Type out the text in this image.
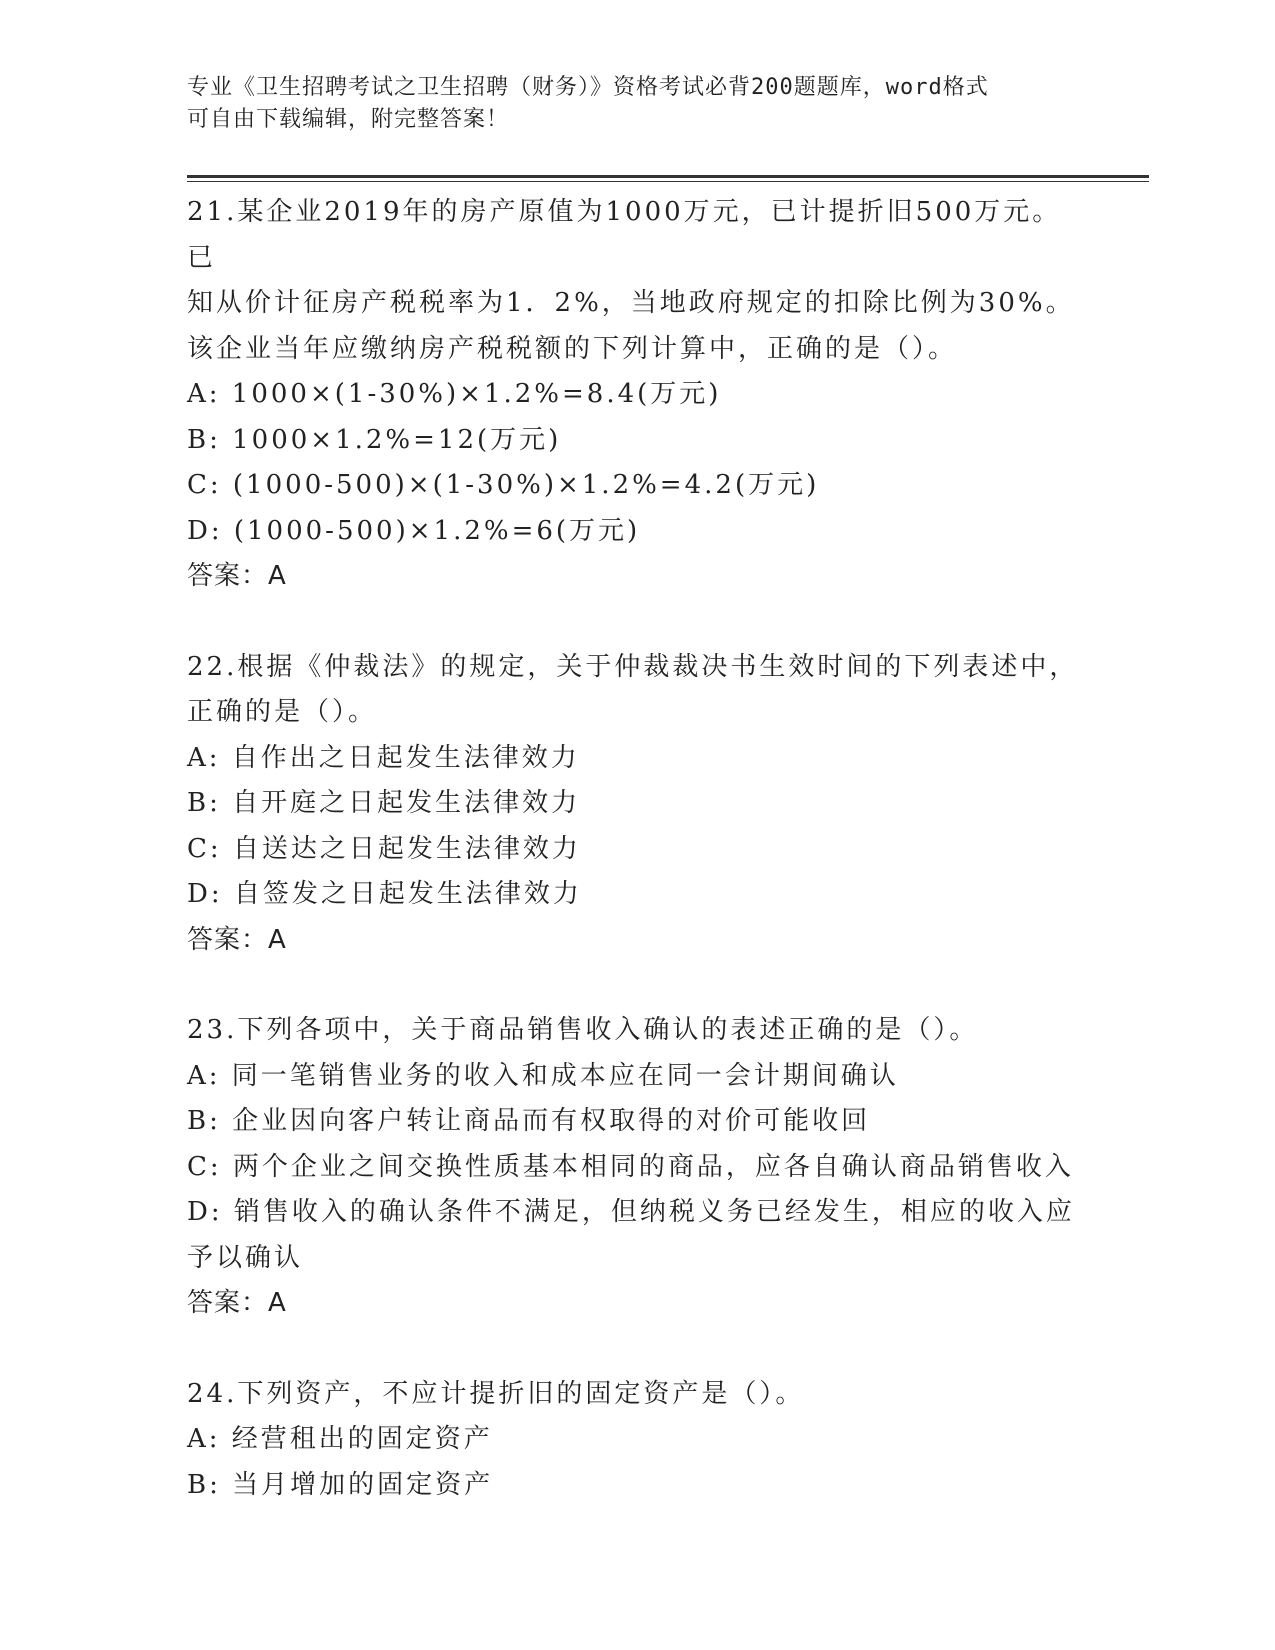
专业《卫生招聘考试之卫生招聘（财务）》资格考试必背200题题库，word格式
可自由下载编辑，附完整答案！
21.某企业2019年的房产原值为1000万元，已计提折旧500万元。已
知从价计征房产税税率为1．2%，当地政府规定的扣除比例为30%。
该企业当年应缴纳房产税税额的下列计算中，正确的是（）。
A: 1000×(1-30%)×1.2%=8.4(万元)
B: 1000×1.2%=12(万元)
C: (1000-500)×(1-30%)×1.2%=4.2(万元)
D: (1000-500)×1.2%=6(万元)
答案：A
22.根据《仲裁法》的规定，关于仲裁裁决书生效时间的下列表述中，
正确的是（）。
A: 自作出之日起发生法律效力
B: 自开庭之日起发生法律效力
C: 自送达之日起发生法律效力
D: 自签发之日起发生法律效力
答案：A
23.下列各项中，关于商品销售收入确认的表述正确的是（）。
A: 同一笔销售业务的收入和成本应在同一会计期间确认
B: 企业因向客户转让商品而有权取得的对价可能收回
C: 两个企业之间交换性质基本相同的商品，应各自确认商品销售收入
D: 销售收入的确认条件不满足，但纳税义务已经发生，相应的收入应
予以确认
答案：A
24.下列资产，不应计提折旧的固定资产是（）。
A: 经营租出的固定资产
B: 当月增加的固定资产
